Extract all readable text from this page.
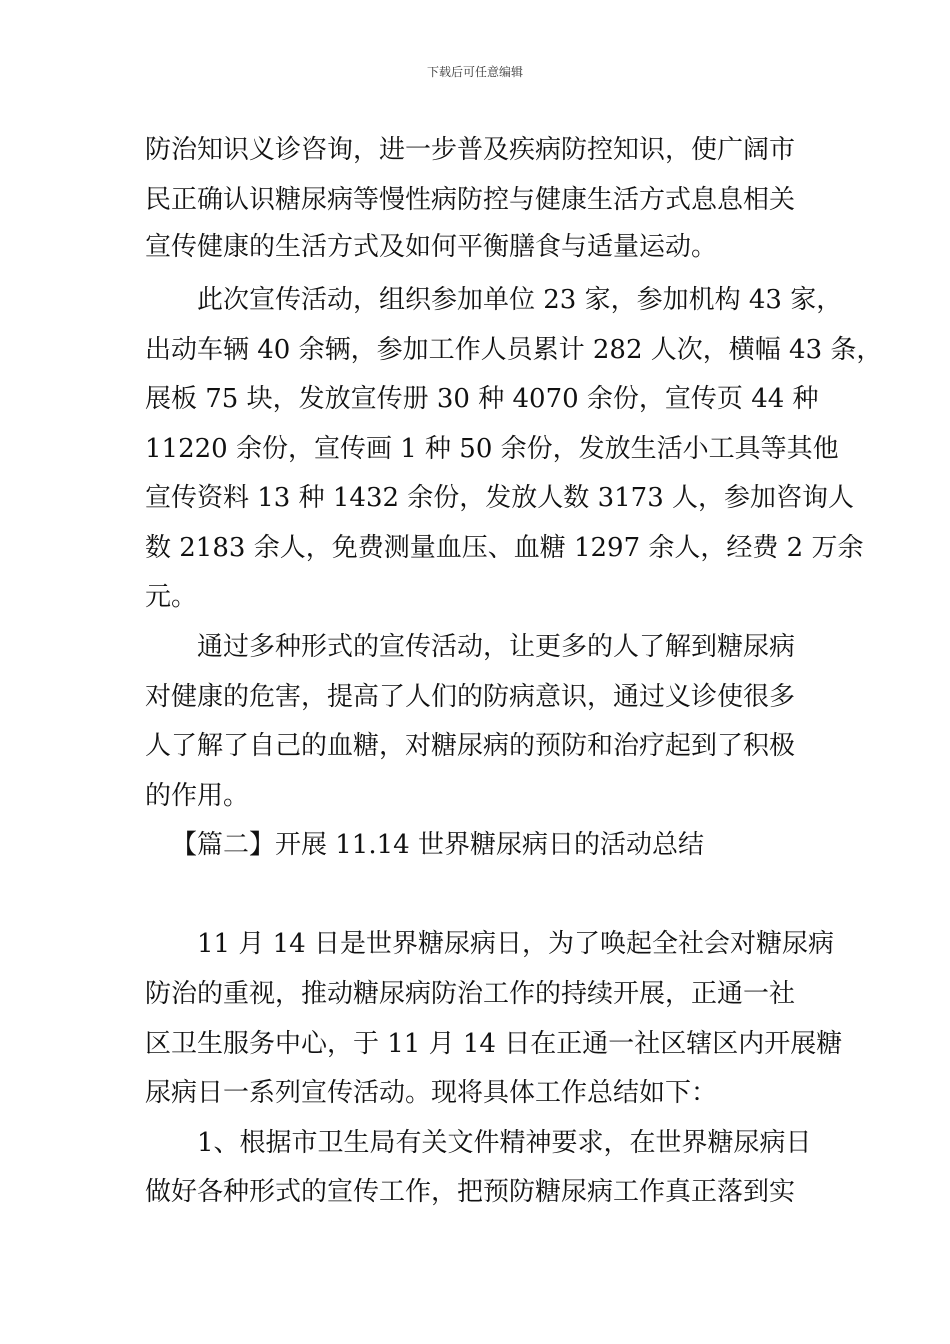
下载后可任意编辑
防治知识义诊咨询，进一步普及疾病防控知识，使广阔市
民正确认识糖尿病等慢性病防控与健康生活方式息息相关
宣传健康的生活方式及如何平衡膳食与适量运动。
此次宣传活动，组织参加单位 23 家，参加机构 43 家，
出动车辆 40 余辆，参加工作人员累计 282 人次，横幅 43 条，
展板 75 块，发放宣传册 30 种 4070 余份，宣传页 44 种
11220 余份，宣传画 1 种 50 余份，发放生活小工具等其他
宣传资料 13 种 1432 余份，发放人数 3173 人，参加咨询人
数 2183 余人，免费测量血压、血糖 1297 余人，经费 2 万余
元。
通过多种形式的宣传活动，让更多的人了解到糖尿病
对健康的危害，提高了人们的防病意识，通过义诊使很多
人了解了自己的血糖，对糖尿病的预防和治疗起到了积极
的作用。
【篇二】开展 11.14 世界糖尿病日的活动总结
11 月 14 日是世界糖尿病日，为了唤起全社会对糖尿病
防治的重视，推动糖尿病防治工作的持续开展，正通一社
区卫生服务中心，于 11 月 14 日在正通一社区辖区内开展糖
尿病日一系列宣传活动。现将具体工作总结如下：
1、根据市卫生局有关文件精神要求，在世界糖尿病日
做好各种形式的宣传工作，把预防糖尿病工作真正落到实
